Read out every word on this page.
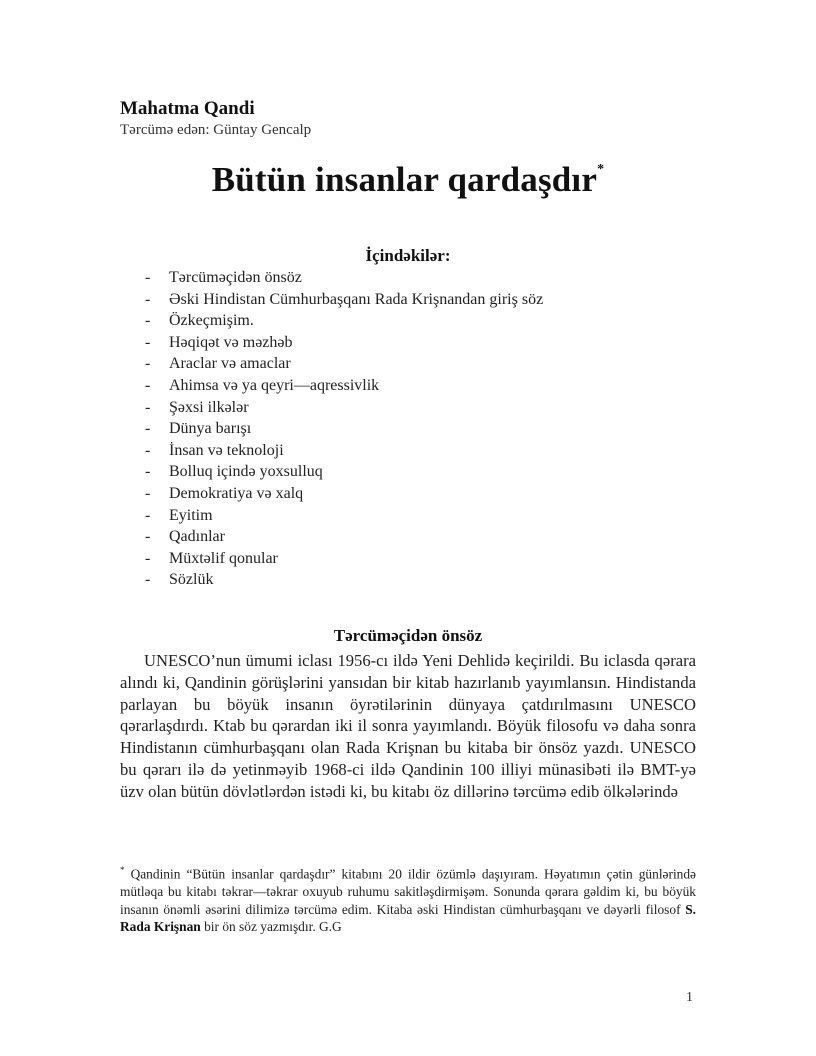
Mahatma Qandi
Tərcümə edən: Güntay Gencalp
Bütün insanlar qardaşdır*
İçindəkilər:
- Tərcüməçidən önsöz
- Əski Hindistan Cümhurbaşqanı Rada Krişnandan giriş söz
- Özkeçmişim.
- Həqiqət və məzhəb
- Araclar və amaclar
- Ahimsa və ya qeyri—aqressivlik
- Şəxsi ilkələr
- Dünya barışı
- İnsan və teknoloji
- Bolluq içində yoxsulluq
- Demokratiya və xalq
- Eyitim
- Qadınlar
- Müxtəlif qonular
- Sözlük
Tərcüməçidən önsöz

UNESCO’nun ümumi iclası 1956-cı ildə Yeni Dehlidə keçirildi. Bu iclasda qərara alındı ki, Qandinin görüşlərini yansıdan bir kitab hazırlanıb yayımlansın. Hindistanda parlayan bu böyük insanın öyrətilərinin dünyaya çatdırılmasını UNESCO qərarlaşdırdı. Ktab bu qərardan iki il sonra yayımlandı. Böyük filosofu və daha sonra Hindistanın cümhurbaşqanı olan Rada Krişnan bu kitaba bir önsöz yazdı. UNESCO bu qərarı ilə də yetinməyib 1968-ci ildə Qandinin 100 illiyi münasibəti ilə BMT-yə üzv olan bütün dövlətlərdən istədi ki, bu kitabı öz dillərinə tərcümə edib ölkələrində

* Qandinin “Bütün insanlar qardaşdır” kitabını 20 ildir özümlə daşıyıram. Həyatımın çətin günlərində mütləqa bu kitabı təkrar—təkrar oxuyub ruhumu sakitləşdirmişəm. Sonunda qərara gəldim ki, bu böyük insanın önəmli əsərini dilimizə tərcümə edim. Kitaba əski Hindistan cümhurbaşqanı ve dəyərli filosof S. Rada Krişnan bir ön söz yazmışdır. G.G

1
